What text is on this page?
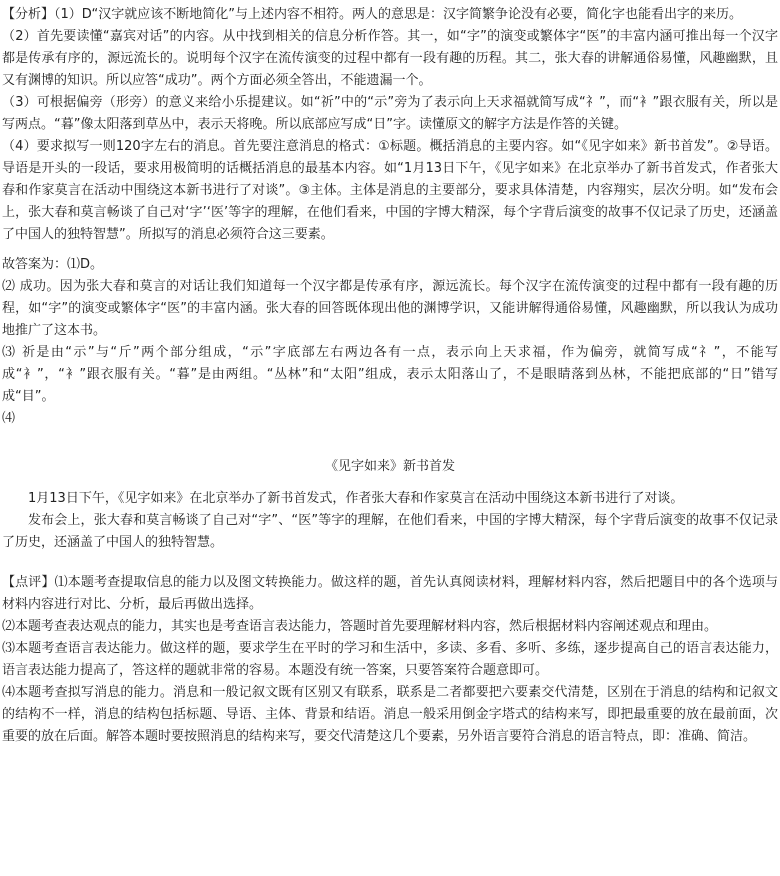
【分析】（1）D“汉字就应该不断地简化”与上述内容不相符。两人的意思是：汉字简繁争论没有必要，简化字也能看出字的来历。

（2）首先要读懂“嘉宾对话”的内容。从中找到相关的信息分析作答。其一，如“字”的演变或繁体字“医”的丰富内涵可推出每一个汉字都是传承有序的，源远流长的。说明每个汉字在流传演变的过程中都有一段有趣的历程。其二，张大春的讲解通俗易懂，风趣幽默，且又有渊博的知识。所以应答“成功”。两个方面必须全答出，不能遗漏一个。

（3）可根据偏旁（形旁）的意义来给小乐提建议。如“祈”中的“示”旁为了表示向上天求福就简写成“礻”，而“衤”跟衣服有关，所以是写两点。“暮”像太阳落到草丛中，表示天将晚。所以底部应写成“日”字。读懂原文的解字方法是作答的关键。

（4）要求拟写一则120字左右的消息。首先要注意消息的格式：①标题。概括消息的主要内容。如“《见字如来》新书首发”。②导语。导语是开头的一段话，要求用极简明的话概括消息的最基本内容。如“1月13日下午，《见字如来》在北京举办了新书首发式，作者张大春和作家莫言在活动中围绕这本新书进行了对谈”。③主体。主体是消息的主要部分，要求具体清楚，内容翔实，层次分明。如“发布会上，张大春和莫言畅谈了自己对‘字’‘医’等字的理解，在他们看来，中国的字博大精深，每个字背后演变的故事不仅记录了历史，还涵盖了中国人的独特智慧”。所拟写的消息必须符合这三要素。

故答案为：⑴D。

⑵ 成功。因为张大春和莫言的对话让我们知道每一个汉字都是传承有序，源远流长。每个汉字在流传演变的过程中都有一段有趣的历程，如“字”的演变或繁体字“医”的丰富内涵。张大春的回答既体现出他的渊博学识，又能讲解得通俗易懂，风趣幽默，所以我认为成功地推广了这本书。

⑶ 祈是由“示”与“斤”两个部分组成，“示”字底部左右两边各有一点，表示向上天求福，作为偏旁，就简写成“礻”，不能写成“衤”，“衤”跟衣服有关。“暮”是由两组。“丛林”和“太阳”组成，表示太阳落山了，不是眼睛落到丛林，不能把底部的“日”错写成“目”。

⑷

《见字如来》新书首发

1月13日下午，《见字如来》在北京举办了新书首发式，作者张大春和作家莫言在活动中围绕这本新书进行了对谈。

发布会上，张大春和莫言畅谈了自己对“字”、“医”等字的理解，在他们看来，中国的字博大精深，每个字背后演变的故事不仅记录了历史，还涵盖了中国人的独特智慧。

【点评】⑴本题考查提取信息的能力以及图文转换能力。做这样的题，首先认真阅读材料，理解材料内容，然后把题目中的各个选项与材料内容进行对比、分析，最后再做出选择。

⑵本题考查表达观点的能力，其实也是考查语言表达能力，答题时首先要理解材料内容，然后根据材料内容阐述观点和理由。

⑶本题考查语言表达能力。做这样的题，要求学生在平时的学习和生活中，多读、多看、多听、多练，逐步提高自己的语言表达能力，语言表达能力提高了，答这样的题就非常的容易。本题没有统一答案，只要答案符合题意即可。

⑷本题考查拟写消息的能力。消息和一般记叙文既有区别又有联系，联系是二者都要把六要素交代清楚，区别在于消息的结构和记叙文的结构不一样，消息的结构包括标题、导语、主体、背景和结语。消息一般采用倒金字塔式的结构来写，即把最重要的放在最前面，次重要的放在后面。解答本题时要按照消息的结构来写，要交代清楚这几个要素，另外语言要符合消息的语言特点，即：准确、简洁。
